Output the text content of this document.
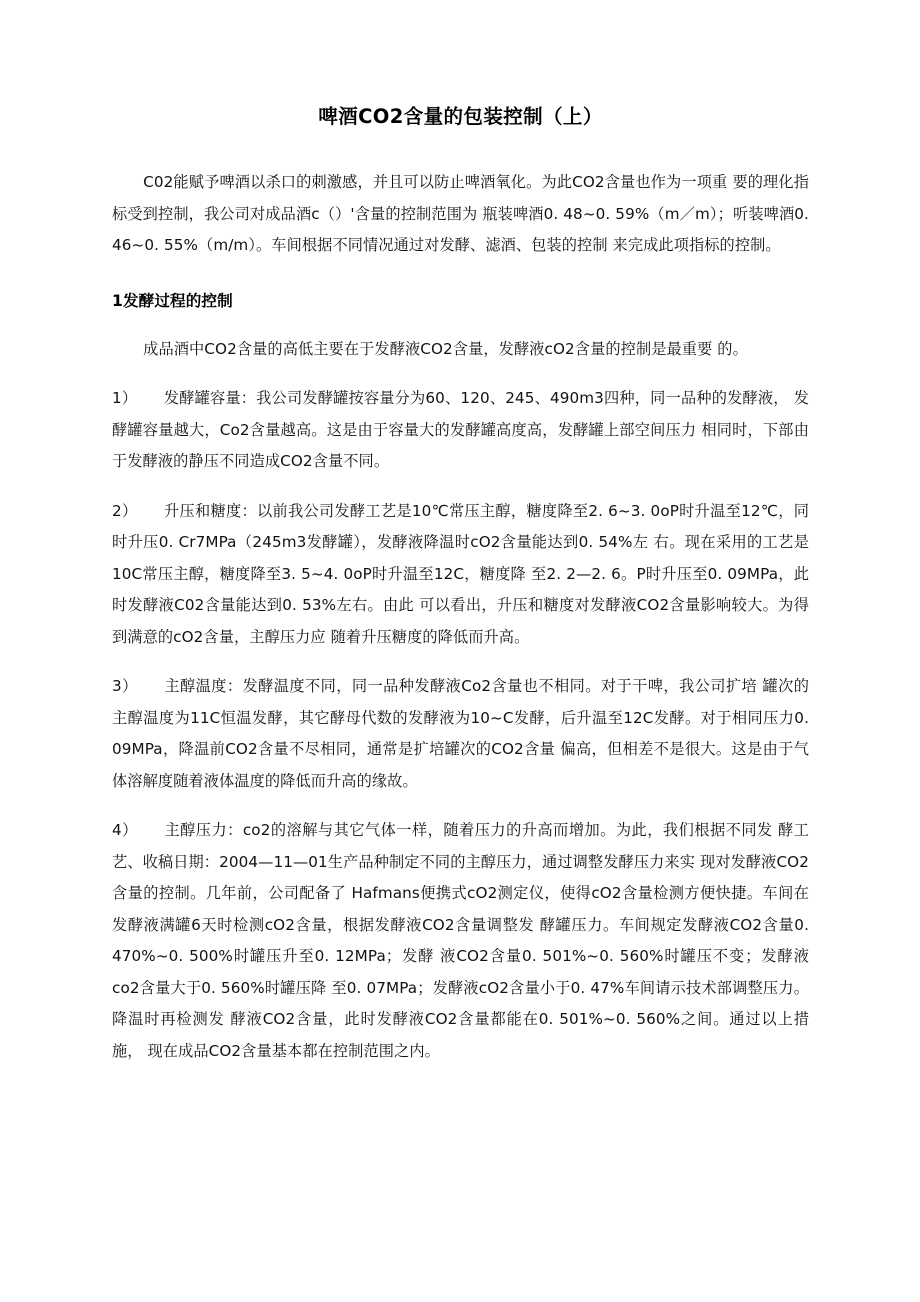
啤酒CO2含量的包装控制（上）

C02能赋予啤酒以杀口的刺激感，并且可以防止啤酒氧化。为此CO2含量也作为一项重 要的理化指标受到控制，我公司对成品酒c（）'含量的控制范围为 瓶装啤酒0. 48~0. 59%（m／m）；听装啤酒0. 46~0. 55%（m/m）。车间根据不同情况通过对发酵、滤酒、包装的控制 来完成此项指标的控制。

1发酵过程的控制

成品酒中CO2含量的高低主要在于发酵液CO2含量，发酵液cO2含量的控制是最重要 的。

1） 发酵罐容量：我公司发酵罐按容量分为60、120、245、490m3四种，同一品种的发酵液， 发酵罐容量越大，Co2含量越高。这是由于容量大的发酵罐高度高，发酵罐上部空间压力 相同时，下部由于发酵液的静压不同造成CO2含量不同。

2） 升压和糖度：以前我公司发酵工艺是10℃常压主醇，糖度降至2. 6~3. 0oP时升温至12℃，同时升压0. Cr7MPa（245m3发酵罐），发酵液降温时cO2含量能达到0. 54%左 右。现在采用的工艺是10C常压主醇，糖度降至3. 5~4. 0oP时升温至12C，糖度降 至2. 2—2. 6。P时升压至0. 09MPa，此时发酵液C02含量能达到0. 53%左右。由此 可以看出，升压和糖度对发酵液CO2含量影响较大。为得到满意的cO2含量，主醇压力应 随着升压糖度的降低而升高。

3） 主醇温度：发酵温度不同，同一品种发酵液Co2含量也不相同。对于干啤，我公司扩培 罐次的主醇温度为11C恒温发酵，其它酵母代数的发酵液为10~C发酵，后升温至12C发酵。对于相同压力0. 09MPa，降温前CO2含量不尽相同，通常是扩培罐次的CO2含量 偏高，但相差不是很大。这是由于气体溶解度随着液体温度的降低而升高的缘故。

4） 主醇压力：co2的溶解与其它气体一样，随着压力的升高而增加。为此，我们根据不同发 酵工艺、收稿日期：2004—11—01生产品种制定不同的主醇压力，通过调整发酵压力来实 现对发酵液CO2含量的控制。几年前，公司配备了 Hafmans便携式cO2测定仪，使得cO2含量检测方便快捷。车间在发酵液满罐6天时检测cO2含量，根据发酵液CO2含量调整发 酵罐压力。车间规定发酵液CO2含量0. 470%~0. 500%时罐压升至0. 12MPa；发酵 液CO2含量0. 501%~0. 560%时罐压不变；发酵液co2含量大于0. 560%时罐压降 至0. 07MPa；发酵液cO2含量小于0. 47%车间请示技术部调整压力。降温时再检测发 酵液CO2含量，此时发酵液CO2含量都能在0. 501%~0. 560%之间。通过以上措施， 现在成品CO2含量基本都在控制范围之内。
